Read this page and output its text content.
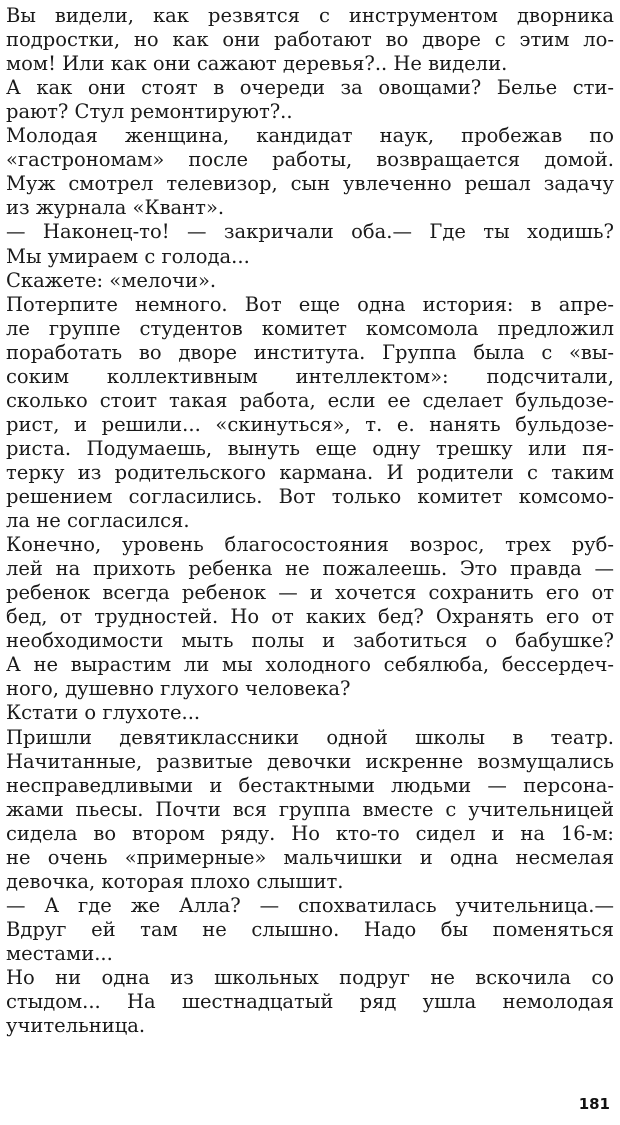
Вы видели, как резвятся с инструментом дворника
подростки, но как они работают во дворе с этим ло-
мом! Или как они сажают деревья?.. Не видели.
А как они стоят в очереди за овощами? Белье сти-
рают? Стул ремонтируют?..
Молодая женщина, кандидат наук, пробежав по
«гастрономам» после работы, возвращается домой.
Муж смотрел телевизор, сын увлеченно решал задачу
из журнала «Квант».
— Наконец-то! — закричали оба.— Где ты ходишь?
Мы умираем с голода...
Скажете: «мелочи».
Потерпите немного. Вот еще одна история: в апре-
ле группе студентов комитет комсомола предложил
поработать во дворе института. Группа была с «вы-
соким коллективным интеллектом»: подсчитали,
сколько стоит такая работа, если ее сделает бульдозе-
рист, и решили... «скинуться», т. е. нанять бульдозе-
риста. Подумаешь, вынуть еще одну трешку или пя-
терку из родительского кармана. И родители с таким
решением согласились. Вот только комитет комсомо-
ла не согласился.
Конечно, уровень благосостояния возрос, трех руб-
лей на прихоть ребенка не пожалеешь. Это правда —
ребенок всегда ребенок — и хочется сохранить его от
бед, от трудностей. Но от каких бед? Охранять его от
необходимости мыть полы и заботиться о бабушке?
А не вырастим ли мы холодного себялюба, бессердеч-
ного, душевно глухого человека?
Кстати о глухоте...
Пришли девятиклассники одной школы в театр.
Начитанные, развитые девочки искренне возмущались
несправедливыми и бестактными людьми — персона-
жами пьесы. Почти вся группа вместе с учительницей
сидела во втором ряду. Но кто-то сидел и на 16-м:
не очень «примерные» мальчишки и одна несмелая
девочка, которая плохо слышит.
— А где же Алла? — спохватилась учительница.—
Вдруг ей там не слышно. Надо бы поменяться
местами...
Но ни одна из школьных подруг не вскочила со
стыдом... На шестнадцатый ряд ушла немолодая
учительница.
181
